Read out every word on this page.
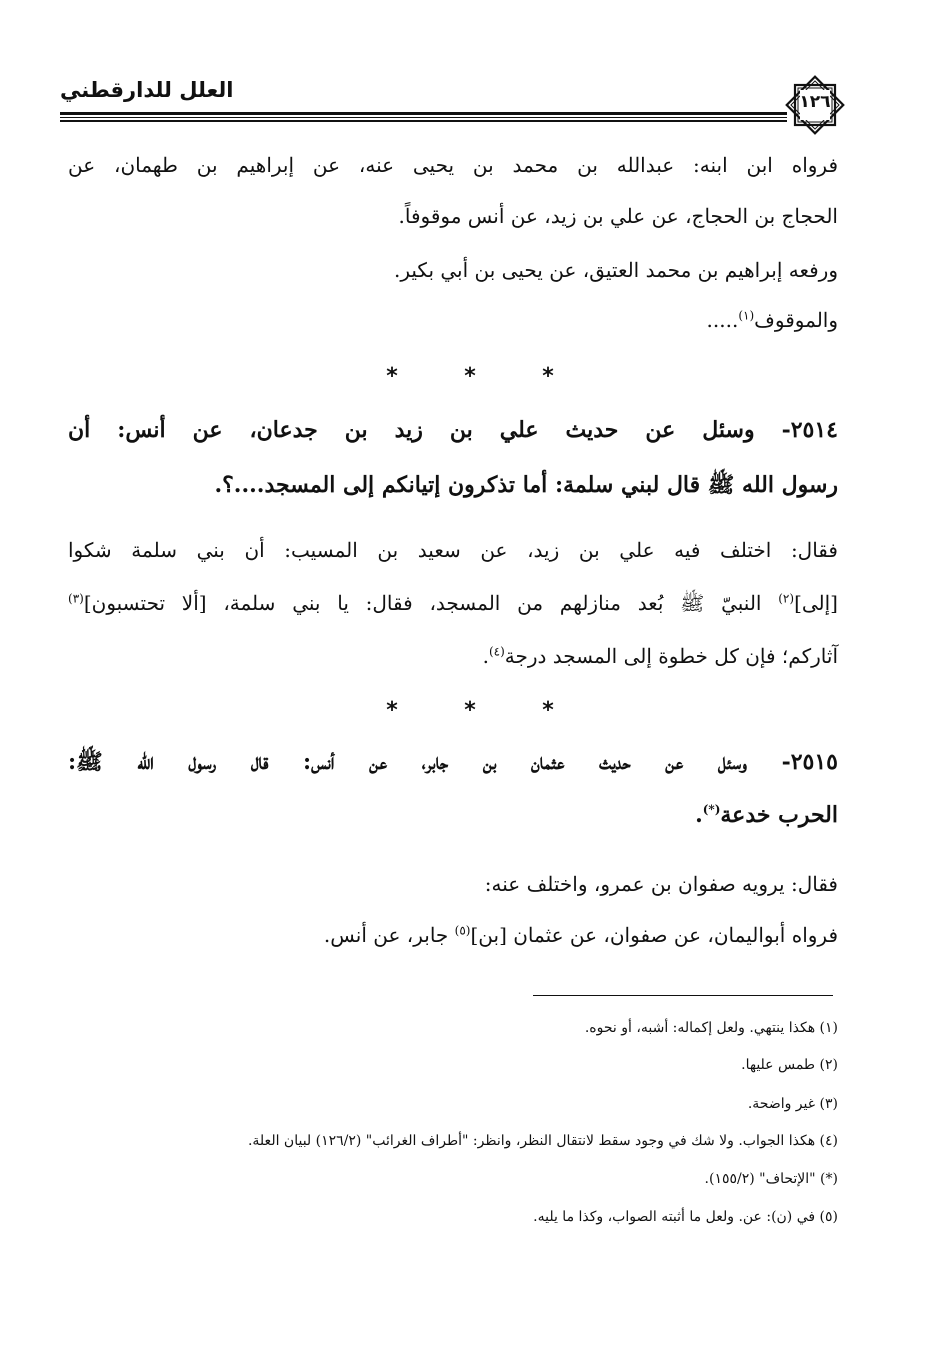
العلل للدارقطني	١٢٦
فرواه ابن ابنه: عبدالله بن محمد بن يحيى عنه، عن إبراهيم بن طهمان، عن
الحجاج بن الحجاج، عن علي بن زيد، عن أنس موقوفاً.
ورفعه إبراهيم بن محمد العتيق، عن يحيى بن أبي بكير.
والموقوف$^{(١)}$.....
*	*	*
٢٥١٤- وسئل عن حديث علي بن زيد بن جدعان، عن أنس: أن
رسول الله ﷺ قال لبني سلمة: أما تذكرون إتيانكم إلى المسجد....؟.
فقال: اختلف فيه علي بن زيد، عن سعيد بن المسيب: أن بني سلمة شكوا
[إلى]$^{(٢)}$ النبيّ ﷺ بُعد منازلهم من المسجد، فقال: يا بني سلمة، [ألا تحتسبون]$^{(٣)}$
آثاركم؛ فإن كل خطوة إلى المسجد درجة$^{(٤)}$.
*	*	*
٢٥١٥- وسئل عن حديث عثمان بن جابر، عن أنس: قال رسول الله ﷺ:
الحرب خدعة(*).
فقال: يرويه صفوان بن عمرو، واختلف عنه:
فرواه أبواليمان، عن صفوان، عن عثمان [بن]$^{(٥)}$ جابر، عن أنس.
(١) هكذا ينتهي. ولعل إكماله: أشبه، أو نحوه.
(٢) طمس عليها.
(٣) غير واضحة.
(٤) هكذا الجواب. ولا شك في وجود سقط لانتقال النظر، وانظر: "أطراف الغرائب" (١٢٦/٢) لبيان العلة.
(*) "الإتحاف" (١٥٥/٢).
(٥) في (ن): عن. ولعل ما أثبته الصواب، وكذا ما يليه.
